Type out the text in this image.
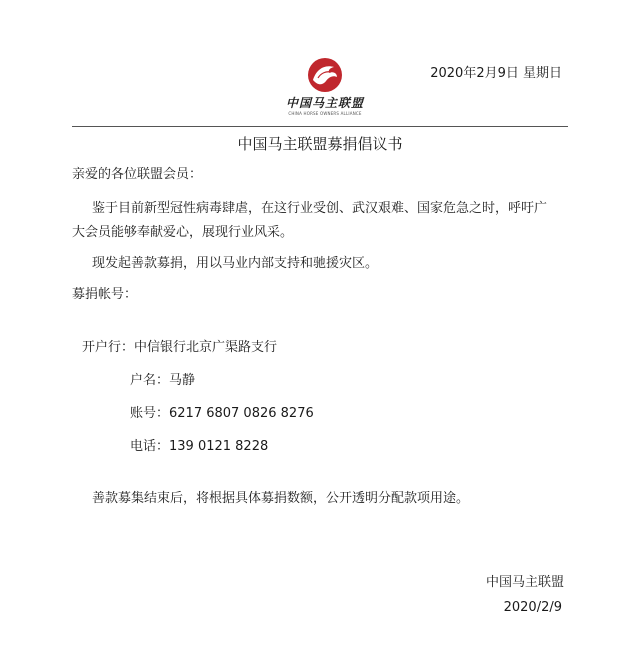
2020年2月9日 星期日
中国马主联盟
CHINA HORSE OWNERS ALLIANCE
中国马主联盟募捐倡议书
亲爱的各位联盟会员：
鉴于目前新型冠性病毒肆虐，在这行业受创、武汉艰难、国家危急之时，呼吁广
大会员能够奉献爱心，展现行业风采。
现发起善款募捐，用以马业内部支持和驰援灾区。
募捐帐号：
开户行：中信银行北京广渠路支行
户名：马静
账号：6217 6807 0826 8276
电话：139 0121 8228
善款募集结束后，将根据具体募捐数额，公开透明分配款项用途。
中国马主联盟
2020/2/9
